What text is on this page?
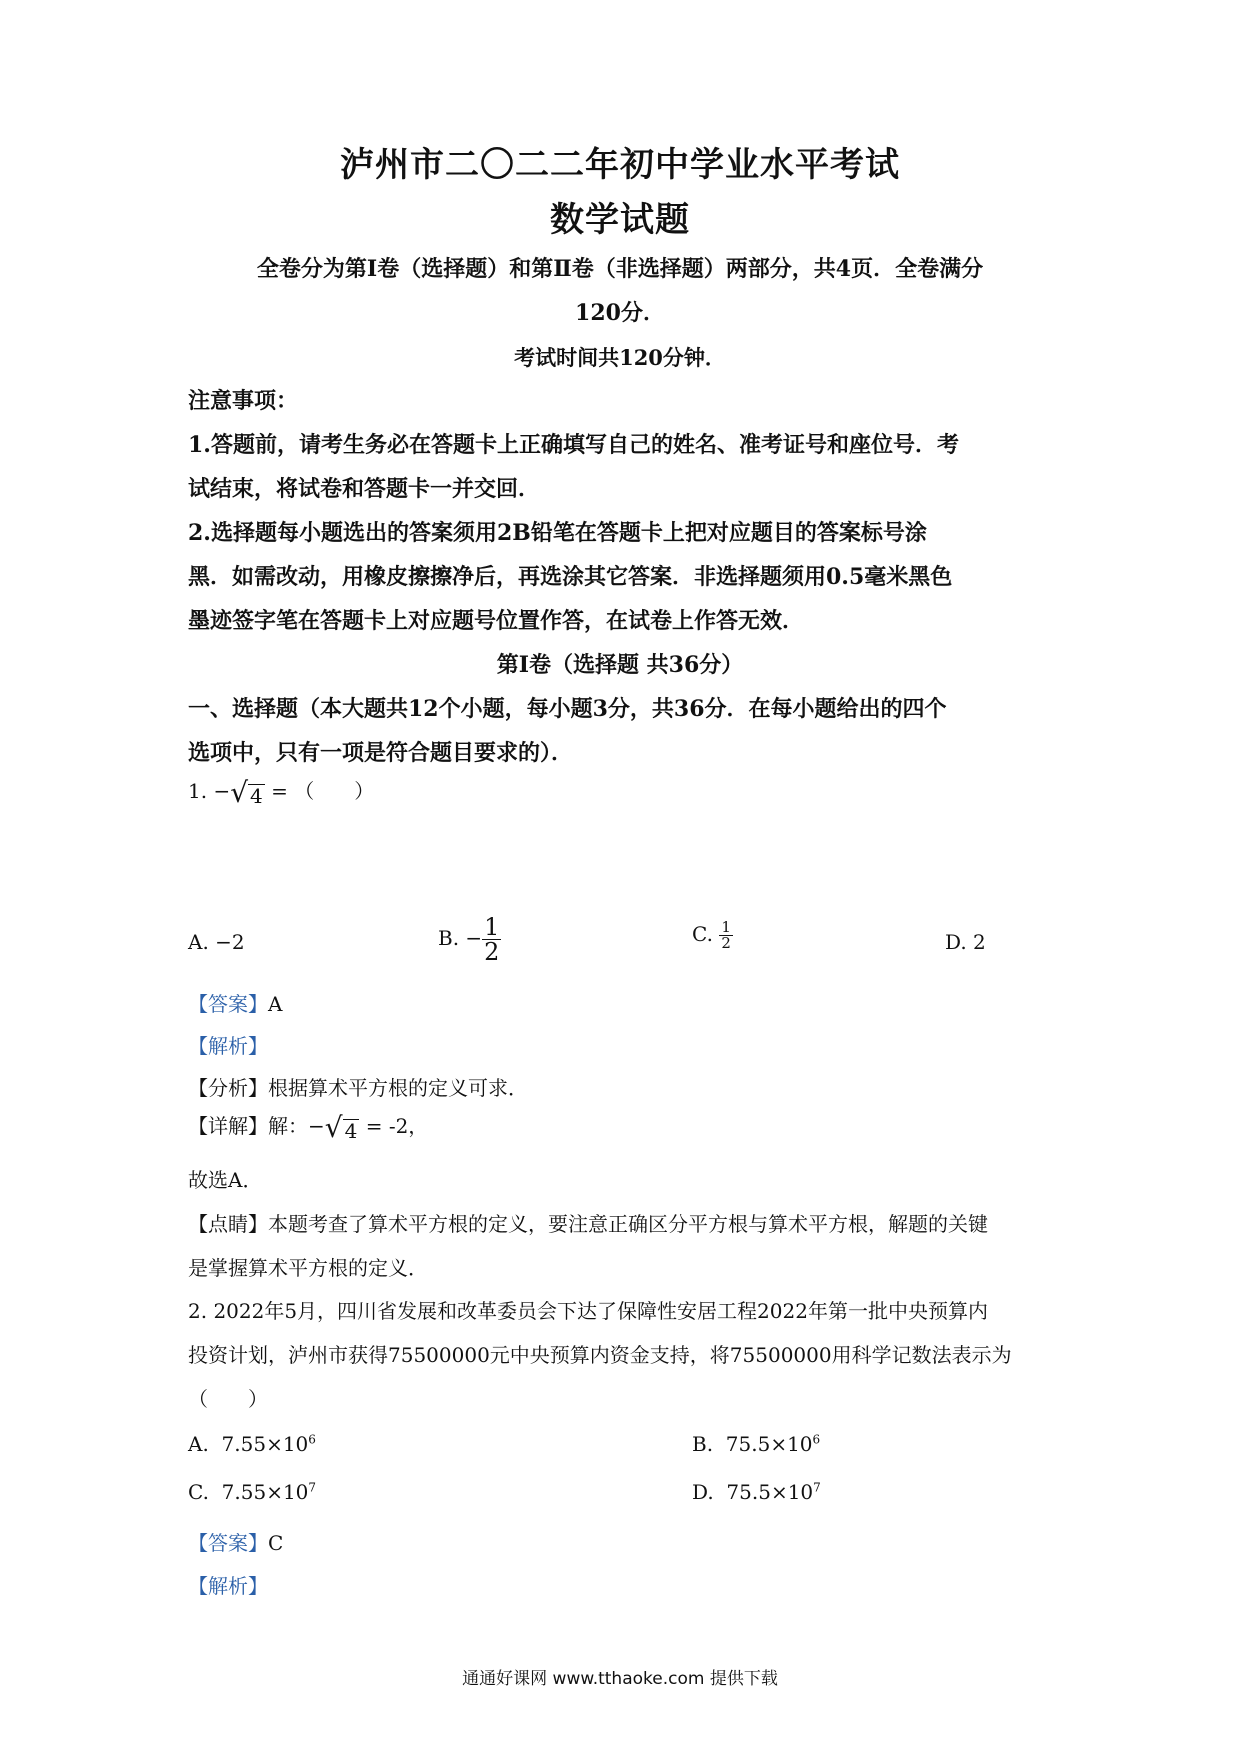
泸州市二〇二二年初中学业水平考试
数学试题
全卷分为第Ⅰ卷（选择题）和第Ⅱ卷（非选择题）两部分，共4页．全卷满分
120分．
考试时间共120分钟．
注意事项：
1.答题前，请考生务必在答题卡上正确填写自己的姓名、准考证号和座位号．考
试结束，将试卷和答题卡一并交回．
2.选择题每小题选出的答案须用2B铅笔在答题卡上把对应题目的答案标号涂
黑．如需改动，用橡皮擦擦净后，再选涂其它答案．非选择题须用0.5毫米黑色
墨迹签字笔在答题卡上对应题号位置作答，在试卷上作答无效．
第Ⅰ卷（选择题 共36分）
一、选择题（本大题共12个小题，每小题3分，共36分．在每小题给出的四个
选项中，只有一项是符合题目要求的）．
1. − √ 4 = （　　）
A. −2	B. − $\frac{1}{2}$	C. $\frac{1}{2}$	D. 2
【答案】A
【解析】
【分析】根据算术平方根的定义可求．
【详解】解：− √ 4 = -2，
故选A．
【点睛】本题考查了算术平方根的定义，要注意正确区分平方根与算术平方根，解题的关键
是掌握算术平方根的定义．
2. 2022年5月，四川省发展和改革委员会下达了保障性安居工程2022年第一批中央预算内
投资计划，泸州市获得75500000元中央预算内资金支持，将75500000用科学记数法表示为
（　　）
A. $7.55\times 10^6$	B. $75.5\times 10^6$
C. $7.55\times 10^7$	D. $75.5\times 10^7$
【答案】C
【解析】
通通好课网 www.tthaoke.com 提供下载
